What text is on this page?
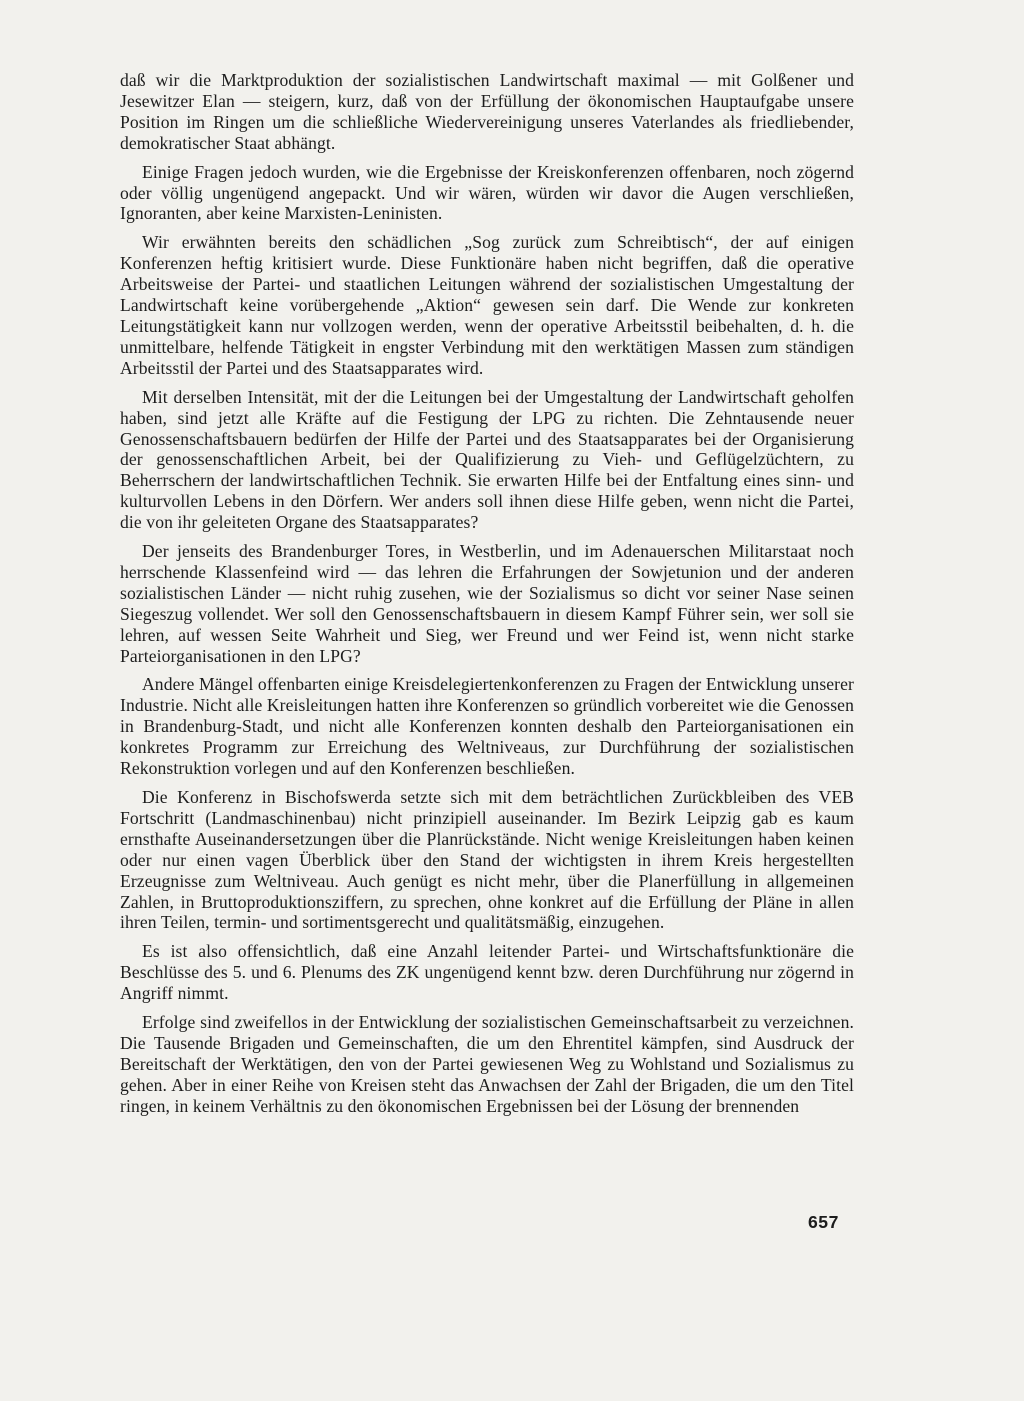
daß wir die Marktproduktion der sozialistischen Landwirtschaft maximal — mit Golßener und Jesewitzer Elan — steigern, kurz, daß von der Erfüllung der ökonomischen Hauptaufgabe unsere Position im Ringen um die schließliche Wiedervereinigung unseres Vaterlandes als friedliebender, demokratischer Staat abhängt.

Einige Fragen jedoch wurden, wie die Ergebnisse der Kreiskonferenzen offenbaren, noch zögernd oder völlig ungenügend angepackt. Und wir wären, würden wir davor die Augen verschließen, Ignoranten, aber keine Marxisten-Leninisten.

Wir erwähnten bereits den schädlichen „Sog zurück zum Schreibtisch“, der auf einigen Konferenzen heftig kritisiert wurde. Diese Funktionäre haben nicht begriffen, daß die operative Arbeitsweise der Partei- und staatlichen Leitungen während der sozialistischen Umgestaltung der Landwirtschaft keine vorübergehende „Aktion“ gewesen sein darf. Die Wende zur konkreten Leitungstätigkeit kann nur vollzogen werden, wenn der operative Arbeitsstil beibehalten, d. h. die unmittelbare, helfende Tätigkeit in engster Verbindung mit den werktätigen Massen zum ständigen Arbeitsstil der Partei und des Staatsapparates wird.

Mit derselben Intensität, mit der die Leitungen bei der Umgestaltung der Landwirtschaft geholfen haben, sind jetzt alle Kräfte auf die Festigung der LPG zu richten. Die Zehntausende neuer Genossenschaftsbauern bedürfen der Hilfe der Partei und des Staatsapparates bei der Organisierung der genossenschaftlichen Arbeit, bei der Qualifizierung zu Vieh- und Geflügelzüchtern, zu Beherrschern der landwirtschaftlichen Technik. Sie erwarten Hilfe bei der Entfaltung eines sinn- und kulturvollen Lebens in den Dörfern. Wer anders soll ihnen diese Hilfe geben, wenn nicht die Partei, die von ihr geleiteten Organe des Staatsapparates?

Der jenseits des Brandenburger Tores, in Westberlin, und im Adenauerschen Militarstaat noch herrschende Klassenfeind wird — das lehren die Erfahrungen der Sowjetunion und der anderen sozialistischen Länder — nicht ruhig zusehen, wie der Sozialismus so dicht vor seiner Nase seinen Siegeszug vollendet. Wer soll den Genossenschaftsbauern in diesem Kampf Führer sein, wer soll sie lehren, auf wessen Seite Wahrheit und Sieg, wer Freund und wer Feind ist, wenn nicht starke Parteiorganisationen in den LPG?

Andere Mängel offenbarten einige Kreisdelegiertenkonferenzen zu Fragen der Entwicklung unserer Industrie. Nicht alle Kreisleitungen hatten ihre Konferenzen so gründlich vorbereitet wie die Genossen in Brandenburg-Stadt, und nicht alle Konferenzen konnten deshalb den Parteiorganisationen ein konkretes Programm zur Erreichung des Weltniveaus, zur Durchführung der sozialistischen Rekonstruktion vorlegen und auf den Konferenzen beschließen.

Die Konferenz in Bischofswerda setzte sich mit dem beträchtlichen Zurückbleiben des VEB Fortschritt (Landmaschinenbau) nicht prinzipiell auseinander. Im Bezirk Leipzig gab es kaum ernsthafte Auseinandersetzungen über die Planrückstände. Nicht wenige Kreisleitungen haben keinen oder nur einen vagen Überblick über den Stand der wichtigsten in ihrem Kreis hergestellten Erzeugnisse zum Weltniveau. Auch genügt es nicht mehr, über die Planerfüllung in allgemeinen Zahlen, in Bruttoproduktionsziffern, zu sprechen, ohne konkret auf die Erfüllung der Pläne in allen ihren Teilen, termin- und sortimentsgerecht und qualitätsmäßig, einzugehen.

Es ist also offensichtlich, daß eine Anzahl leitender Partei- und Wirtschaftsfunktionäre die Beschlüsse des 5. und 6. Plenums des ZK ungenügend kennt bzw. deren Durchführung nur zögernd in Angriff nimmt.

Erfolge sind zweifellos in der Entwicklung der sozialistischen Gemeinschaftsarbeit zu verzeichnen. Die Tausende Brigaden und Gemeinschaften, die um den Ehrentitel kämpfen, sind Ausdruck der Bereitschaft der Werktätigen, den von der Partei gewiesenen Weg zu Wohlstand und Sozialismus zu gehen. Aber in einer Reihe von Kreisen steht das Anwachsen der Zahl der Brigaden, die um den Titel ringen, in keinem Verhältnis zu den ökonomischen Ergebnissen bei der Lösung der brennenden

657
